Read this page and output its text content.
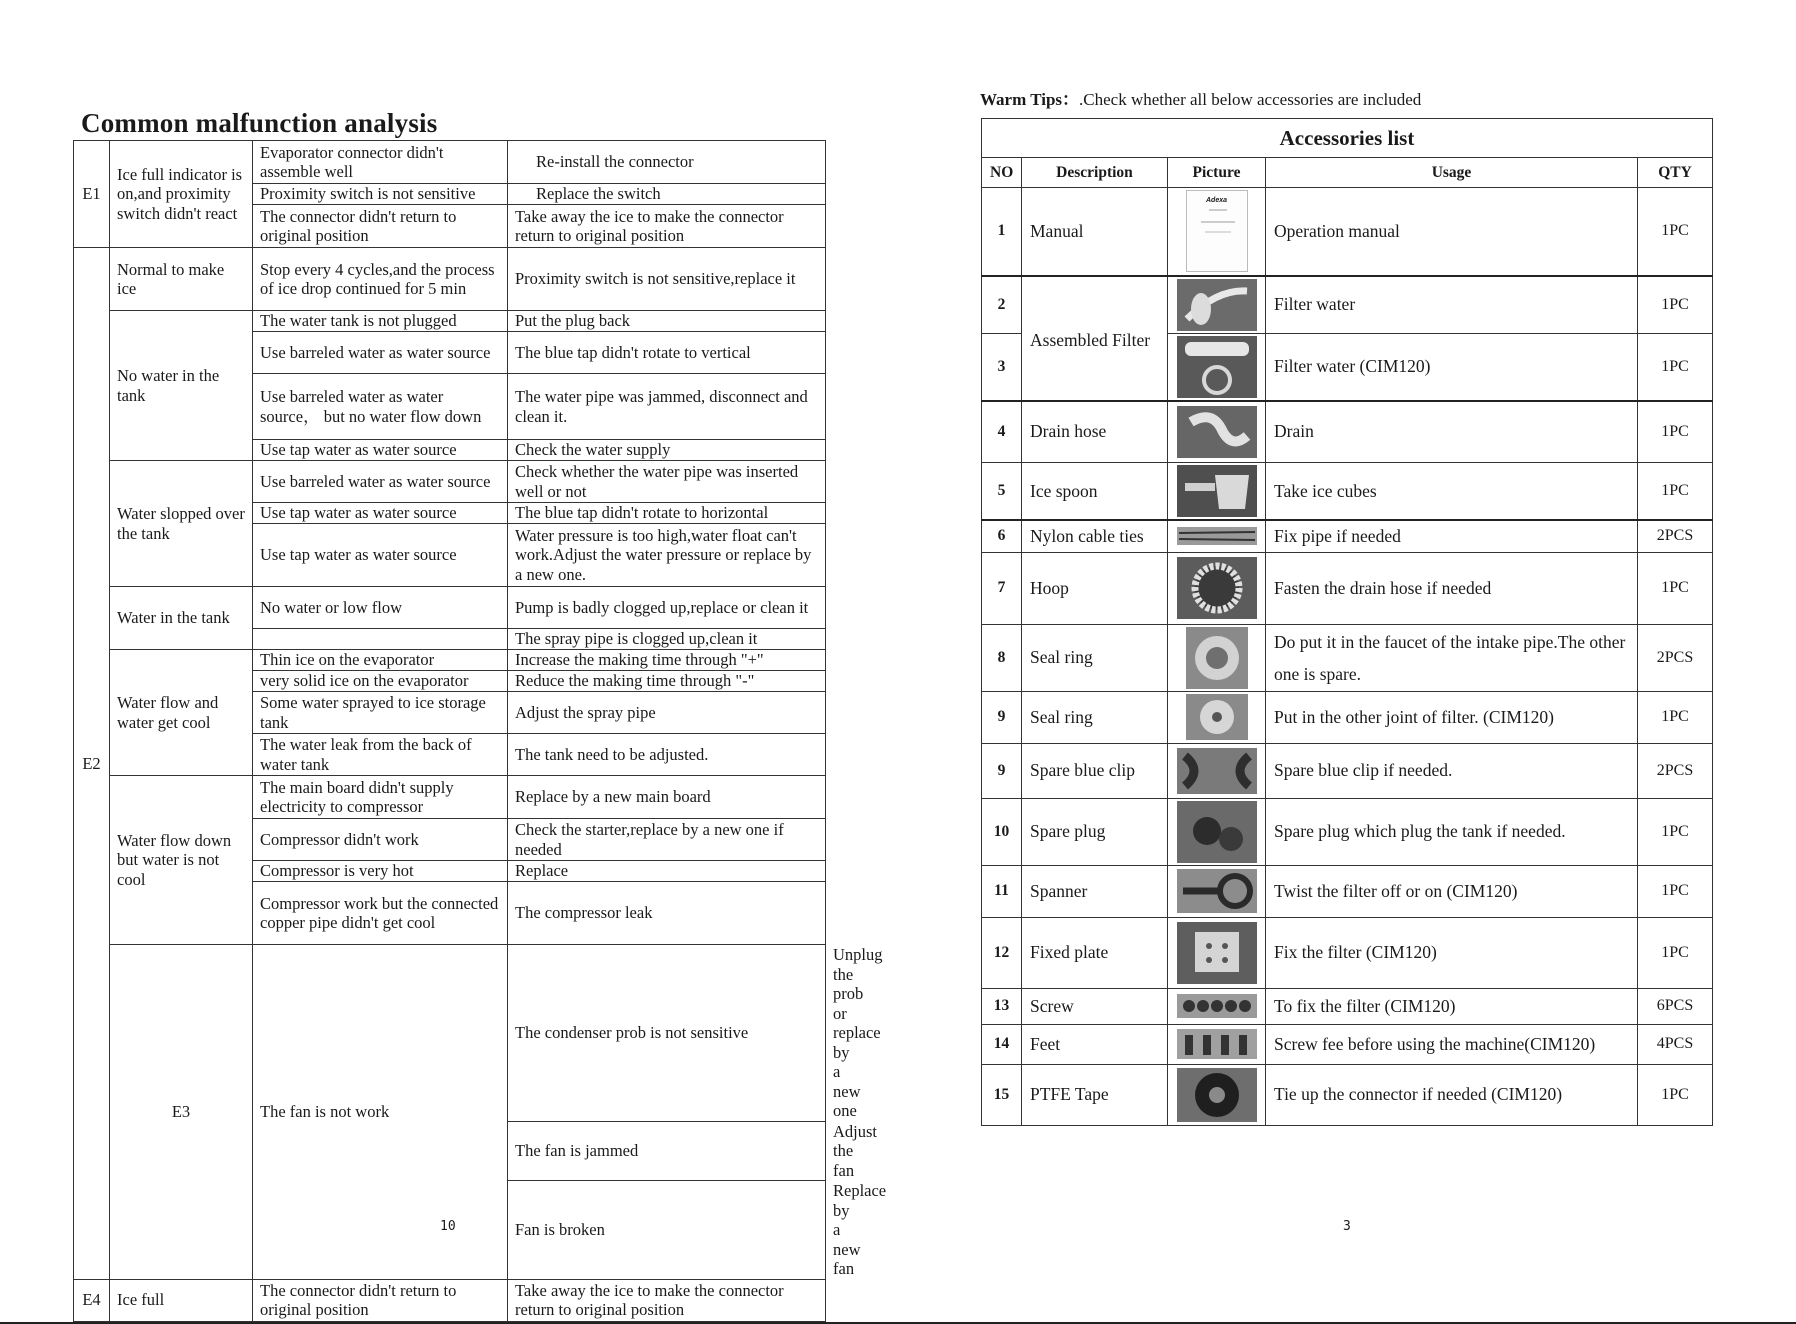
Common malfunction analysis
E1	Ice full indicator is on,and proximity switch didn't react	Evaporator connector didn't assemble well	Re-install the connector	
		Proximity switch is not sensitive	Replace the switch	
		The connector didn't return to original position	Take away the ice to make the connector return to original position	
E2	Normal to make ice	Stop every 4 cycles,and the process of ice drop continued for 5 min	Proximity switch is not sensitive,replace it	
	No water in the tank	The water tank is not plugged	Put the plug back	
		Use barreled water as water source	The blue tap didn't rotate to vertical	
		Use barreled water as water source， but no water flow down	The water pipe was jammed, disconnect and clean it.	
		Use tap water as water source	Check the water supply	
	Water slopped over the tank	Use barreled water as water source	Check whether the water pipe was inserted well or not	
		Use tap water as water source	The blue tap didn't rotate to horizontal	
		Use tap water as water source	Water pressure is too high,water float can't work.Adjust the water pressure or replace by a new one.	
	Water in the tank	No water or low flow	Pump is badly clogged up,replace or clean it	
			The spray pipe is clogged up,clean it	
	Water flow and water get cool	Thin ice on the evaporator	Increase the making time through "+"	
		very solid ice on the evaporator	Reduce the making time through "-"	
		Some water sprayed to ice storage tank	Adjust the spray pipe	
		The water leak from the back of water tank	The tank need to be adjusted.	
	Water flow down but water is not cool	The main board didn't supply electricity to compressor	Replace by a new main board	
		Compressor didn't work	Check the starter,replace by a new one if needed	
		Compressor is very hot	Replace	
		Compressor work but the connected copper pipe didn't get cool	The compressor leak	
	E3	The fan is not work	The condenser prob is not sensitive	Unplug the prob or replace by a new one
			The fan is jammed	Adjust the fan
			Fan is broken	Replace by a new fan
E4	Ice full	The connector didn't return to original position	Take away the ice to make the connector return to original position	
10
Warm Tips：.Check whether all below accessories are included
Accessories list				
NO	Description	Picture	Usage	QTY
1	Manual	Adexa	Operation manual	1PC
2	Assembled Filter		Filter water	1PC
3			Filter water (CIM120)	1PC
4	Drain hose		Drain	1PC
5	Ice spoon		Take ice cubes	1PC
6	Nylon cable ties		Fix pipe if needed	2PCS
7	Hoop		Fasten the drain hose if needed	1PC
8	Seal ring		Do put it in the faucet of the intake pipe.The other one is spare.	2PCS
9	Seal ring		Put in the other joint of filter. (CIM120)	1PC
9	Spare blue clip		Spare blue clip if needed.	2PCS
10	Spare plug		Spare plug which plug the tank if needed.	1PC
11	Spanner		Twist the filter off or on (CIM120)	1PC
12	Fixed plate		Fix the filter (CIM120)	1PC
13	Screw		To fix the filter (CIM120)	6PCS
14	Feet		Screw fee before using the machine(CIM120)	4PCS
15	PTFE Tape		Tie up the connector if needed (CIM120)	1PC
3
